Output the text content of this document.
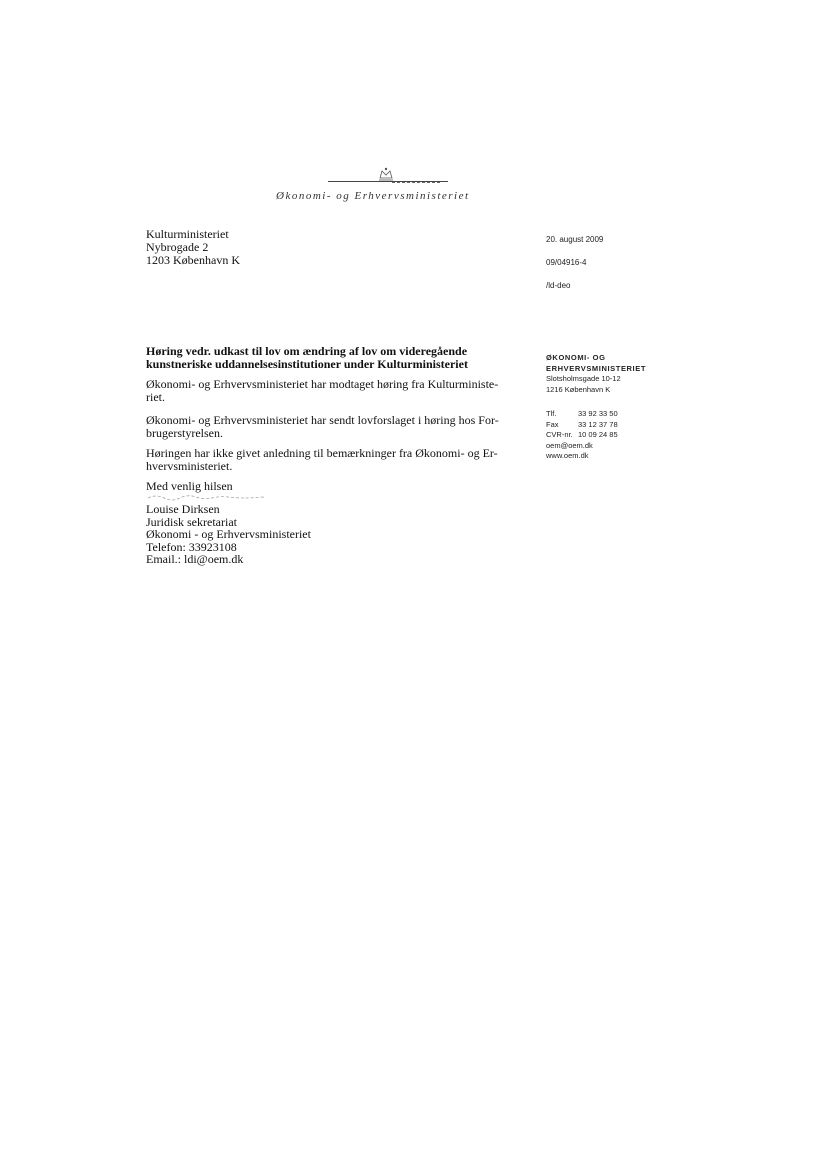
Økonomi- og Erhvervsministeriet
Kulturministeriet
Nybrogade 2
1203 København K
20. august 2009
09/04916-4
/ld-deo
Høring vedr. udkast til lov om ændring af lov om videregående kunstneriske uddannelsesinstitutioner under Kulturministeriet
Økonomi- og Erhvervsministeriet har modtaget høring fra Kulturministe-riet.
Økonomi- og Erhvervsministeriet har sendt lovforslaget i høring hos For-brugerstyrelsen.
Høringen har ikke givet anledning til bemærkninger fra Økonomi- og Er-hvervsministeriet.
Med venlig hilsen
Louise Dirksen
Juridisk sekretariat
Økonomi - og Erhvervsministeriet
Telefon: 33923108
Email.: ldi@oem.dk
ØKONOMI- OG
ERHVERVSMINISTERIET
Slotsholmsgade 10-12
1216 København K
Tlf.	33 92 33 50
Fax	33 12 37 78
CVR-nr. 10 09 24 85
oem@oem.dk
www.oem.dk
